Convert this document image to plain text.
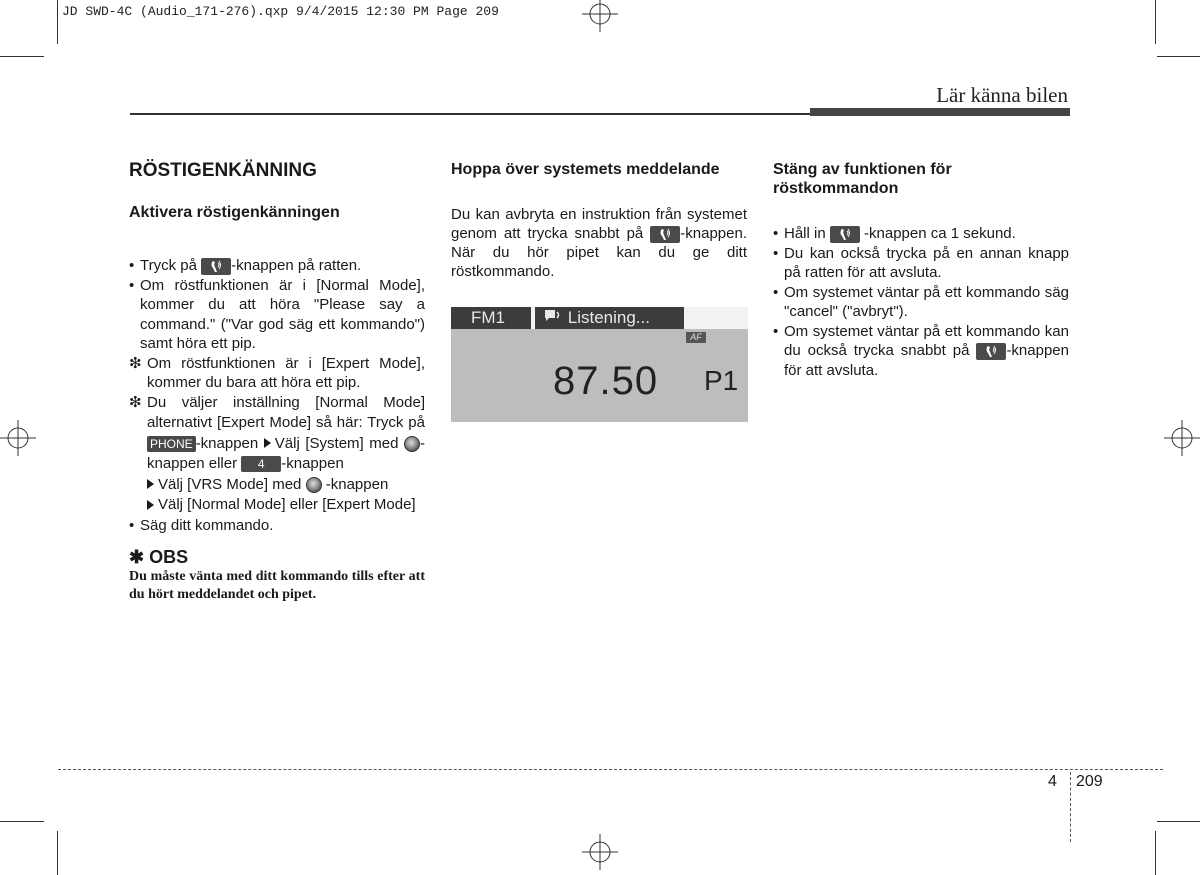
JD SWD-4C (Audio_171-276).qxp 9/4/2015 12:30 PM Page 209
Lär känna bilen
RÖSTIGENKÄNNING
Aktivera röstigenkänningen
• Tryck på
-knappen på ratten.
• Om röstfunktionen är i [Normal Mode], kommer du att höra "Please say a command." ("Var god säg ett kommando") samt höra ett pip.
❇ Om röstfunktionen är i [Expert Mode], kommer du bara att höra ett pip.
❇ Du väljer inställning [Normal Mode] alternativt [Expert Mode] så här: Tryck på PHONE -knappen Välj [System] med -knappen eller 4 -knappen
Välj [VRS Mode] med  -knappen
Välj [Normal Mode] eller [Expert Mode]
• Säg ditt kommando.
✱ OBS
Du måste vänta med ditt kommando tills efter att du hört meddelandet och pipet.
Hoppa över systemets meddelande
Du kan avbryta en instruktion från systemet genom att trycka snabbt på
-knappen. När du hör pipet kan du ge ditt röstkommando.
FM1	Listening...
AF
87.50 P1
Stäng av funktionen för röstkommandon
• Håll in
-knappen ca 1 sekund.
• Du kan också trycka på en annan knapp på ratten för att avsluta.
• Om systemet väntar på ett kommando säg "cancel" ("avbryt").
• Om systemet väntar på ett kommando kan du också trycka snabbt på
-knappen för att avsluta.
4 209
